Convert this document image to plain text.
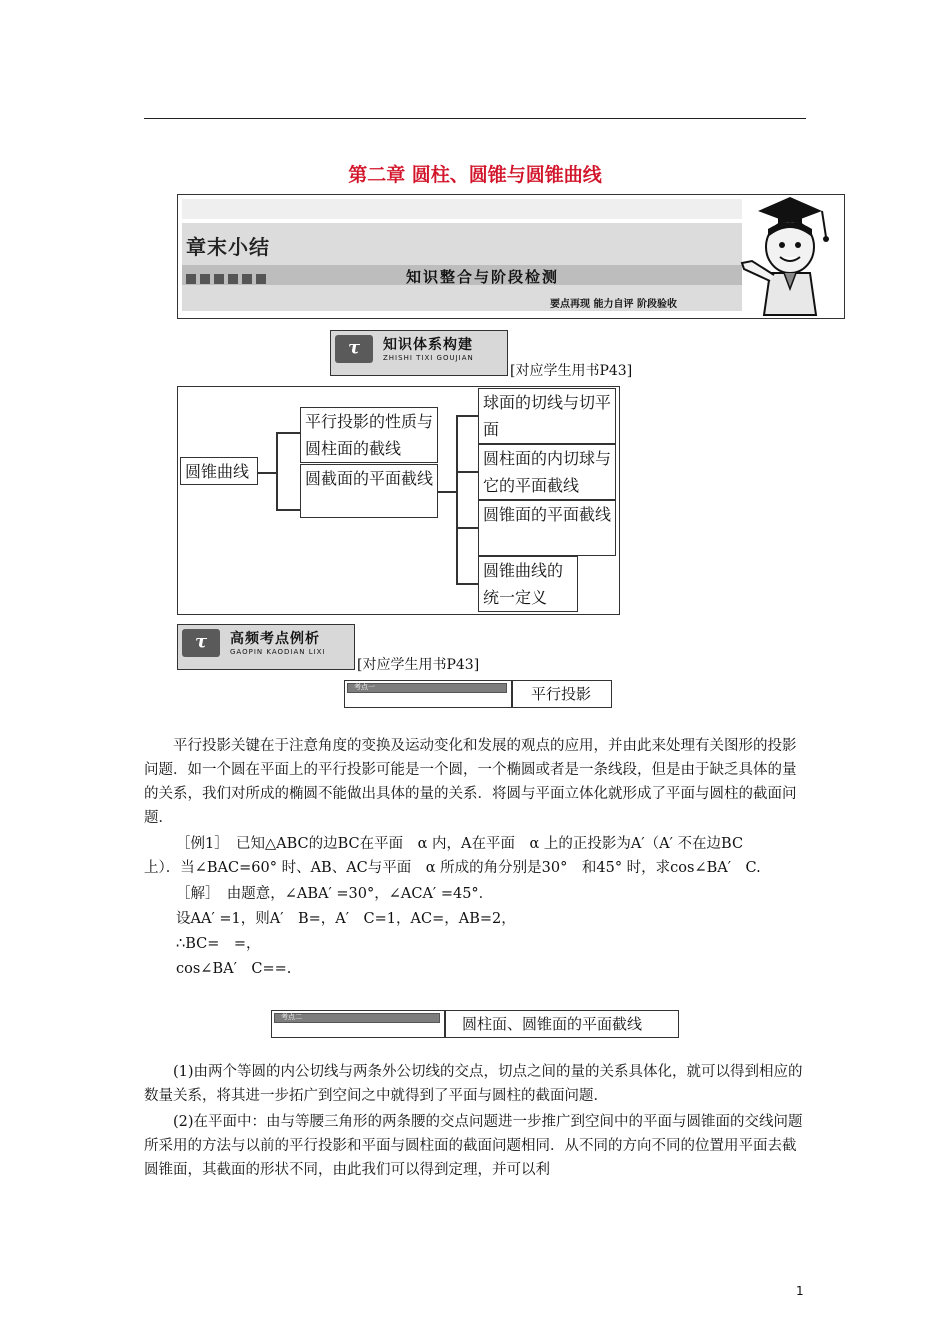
第二章 圆柱、圆锥与圆锥曲线
章末小结
知识整合与阶段检测
要点再现 能力自评 阶段验收
τ	知识体系构建
ZHISHI TIXI GOUJIAN
[对应学生用书P43]
圆锥曲线
平行投影的性质与圆柱面的截线
圆截面的平面截线
球面的切线与切平面
圆柱面的内切球与它的平面截线
圆锥面的平面截线
圆锥曲线的统一定义
τ	高频考点例析
GAOPIN KAODIAN LIXI
[对应学生用书P43]
考点一	平行投影
平行投影关键在于注意角度的变换及运动变化和发展的观点的应用，并由此来处理有关图形的投影问题．如一个圆在平面上的平行投影可能是一个圆，一个椭圆或者是一条线段，但是由于缺乏具体的量的关系，我们对所成的椭圆不能做出具体的量的关系．将圆与平面立体化就形成了平面与圆柱的截面问题．
［例1］　已知△ABC的边BC在平面　α 内，A在平面　α 上的正投影为A′（A′ 不在边BC
上）．当∠BAC=60° 时、AB、AC与平面　α 所成的角分别是30°　和45° 时，求cos∠BA′　C.
［解］　由题意，∠ABA′ =30°，∠ACA′ =45°．
设AA′ =1，则A′　B=，A′　C=1，AC=，AB=2，
∴BC=　=，
cos∠BA′　C==.
考点二	圆柱面、圆锥面的平面截线
(1)由两个等圆的内公切线与两条外公切线的交点，切点之间的量的关系具体化，就可以得到相应的数量关系，将其进一步拓广到空间之中就得到了平面与圆柱的截面问题．
(2)在平面中：由与等腰三角形的两条腰的交点问题进一步推广到空间中的平面与圆锥面的交线问题所采用的方法与以前的平行投影和平面与圆柱面的截面问题相同．从不同的方向不同的位置用平面去截圆锥面，其截面的形状不同，由此我们可以得到定理，并可以利
1
